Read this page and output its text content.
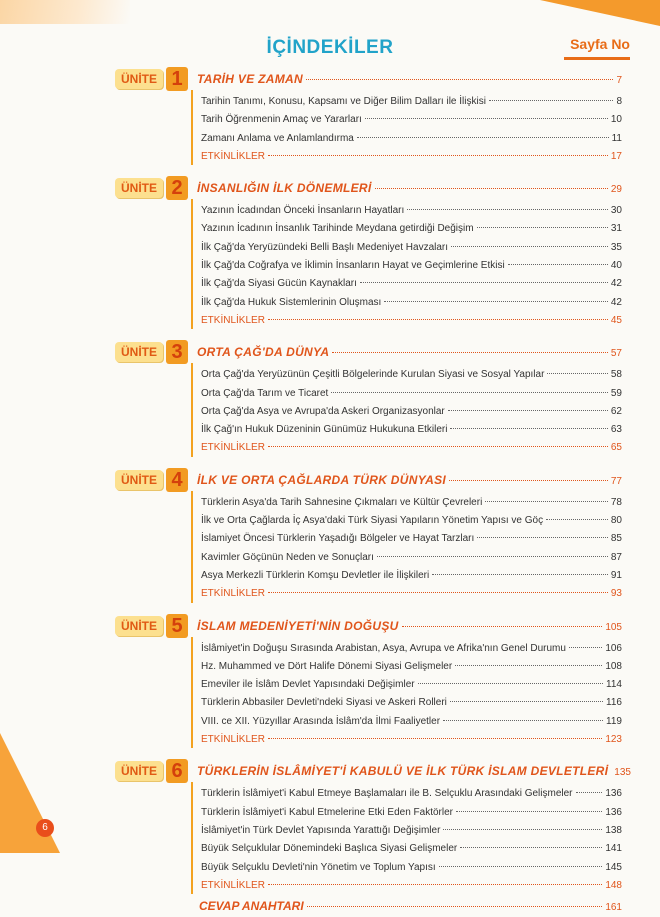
İÇİNDEKİLER	Sayfa No
ÜNİTE 1	TARİH VE ZAMAN	7
Tarihin Tanımı, Konusu, Kapsamı ve Diğer Bilim Dalları ile İlişkisi	8
Tarih Öğrenmenin Amaç ve Yararları	10
Zamanı Anlama ve Anlamlandırma	11
ETKİNLİKLER	17
ÜNİTE 2	İNSANLIĞIN İLK DÖNEMLERİ	29
Yazının İcadından Önceki İnsanların Hayatları	30
Yazının İcadının İnsanlık Tarihinde Meydana getirdiği Değişim	31
İlk Çağ'da Yeryüzündeki Belli Başlı Medeniyet Havzaları	35
İlk Çağ'da Coğrafya ve İklimin İnsanların Hayat ve Geçimlerine Etkisi	40
İlk Çağ'da Siyasi Gücün Kaynakları	42
İlk Çağ'da Hukuk Sistemlerinin Oluşması	42
ETKİNLİKLER	45
ÜNİTE 3	ORTA ÇAĞ'DA DÜNYA	57
Orta Çağ'da Yeryüzünün Çeşitli Bölgelerinde Kurulan Siyasi ve Sosyal Yapılar	58
Orta Çağ'da Tarım ve Ticaret	59
Orta Çağ'da Asya ve Avrupa'da Askeri Organizasyonlar	62
İlk Çağ'ın Hukuk Düzeninin Günümüz Hukukuna Etkileri	63
ETKİNLİKLER	65
ÜNİTE 4	İLK VE ORTA ÇAĞLARDA TÜRK DÜNYASI	77
Türklerin Asya'da Tarih Sahnesine Çıkmaları ve Kültür Çevreleri	78
İlk ve Orta Çağlarda İç Asya'daki Türk Siyasi Yapıların Yönetim Yapısı ve Göç	80
İslamiyet Öncesi Türklerin Yaşadığı Bölgeler ve Hayat Tarzları	85
Kavimler Göçünün Neden ve Sonuçları	87
Asya Merkezli Türklerin Komşu Devletler ile İlişkileri	91
ETKİNLİKLER	93
ÜNİTE 5	İSLAM MEDENİYETİ'NİN DOĞUŞU	105
İslâmiyet'in Doğuşu Sırasında Arabistan, Asya, Avrupa ve Afrika'nın Genel Durumu	106
Hz. Muhammed ve Dört Halife Dönemi Siyasi Gelişmeler	108
Emeviler ile İslâm Devlet Yapısındaki Değişimler	114
Türklerin Abbasiler Devleti'ndeki Siyasi ve Askeri Rolleri	116
VIII. ce XII. Yüzyıllar Arasında İslâm'da İlmi Faaliyetler	119
ETKİNLİKLER	123
ÜNİTE 6	TÜRKLERİN İSLÂMİYET'İ KABULÜ VE İLK TÜRK İSLAM DEVLETLERİ 135
Türklerin İslâmiyet'i Kabul Etmeye Başlamaları ile B. Selçuklu Arasındaki Gelişmeler	136
Türklerin İslâmiyet'i Kabul Etmelerine Etki Eden Faktörler	136
İslâmiyet'in Türk Devlet Yapısında Yarattığı Değişimler	138
Büyük Selçuklular Dönemindeki Başlıca Siyasi Gelişmeler	141
Büyük Selçuklu Devleti'nin Yönetim ve Toplum Yapısı	145
ETKİNLİKLER	148
CEVAP ANAHTARI	161
6
